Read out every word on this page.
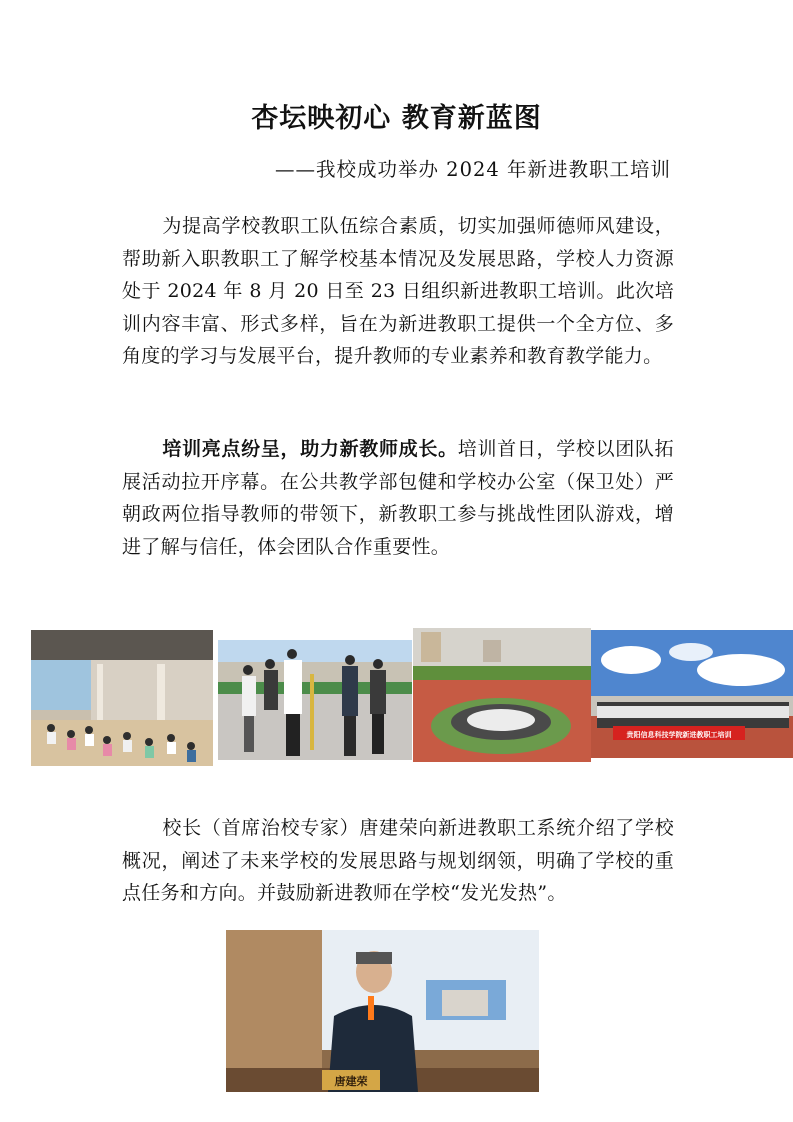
杏坛映初心 教育新蓝图

——我校成功举办 2024 年新进教职工培训

为提高学校教职工队伍综合素质，切实加强师德师风建设，帮助新入职教职工了解学校基本情况及发展思路，学校人力资源处于 2024 年 8 月 20 日至 23 日组织新进教职工培训。此次培训内容丰富、形式多样，旨在为新进教职工提供一个全方位、多角度的学习与发展平台，提升教师的专业素养和教育教学能力。

培训亮点纷呈，助力新教师成长。培训首日，学校以团队拓展活动拉开序幕。在公共教学部包健和学校办公室（保卫处）严朝政两位指导教师的带领下，新教职工参与挑战性团队游戏，增进了解与信任，体会团队合作重要性。

贵阳信息科技学院新进教职工培训

校长（首席治校专家）唐建荣向新进教职工系统介绍了学校概况，阐述了未来学校的发展思路与规划纲领，明确了学校的重点任务和方向。并鼓励新进教师在学校“发光发热”。

唐建荣
